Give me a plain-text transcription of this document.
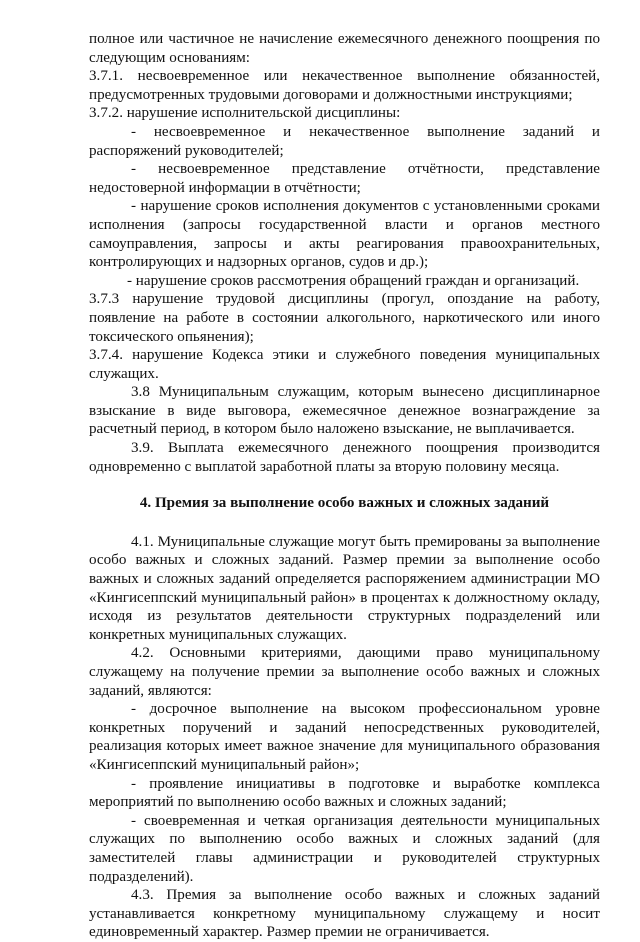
полное или частичное не начисление ежемесячного денежного поощрения по следующим основаниям:

3.7.1. несвоевременное или некачественное выполнение обязанностей, предусмотренных трудовыми договорами и должностными инструкциями;

3.7.2. нарушение исполнительской дисциплины:

- несвоевременное и некачественное выполнение заданий и распоряжений руководителей;

- несвоевременное представление отчётности, представление недостоверной информации в отчётности;

- нарушение сроков исполнения документов с установленными сроками исполнения (запросы государственной власти и органов местного самоуправления, запросы и акты реагирования правоохранительных, контролирующих и надзорных органов, судов и др.);

- нарушение сроков рассмотрения обращений граждан и организаций.

3.7.3 нарушение трудовой дисциплины (прогул, опоздание на работу, появление на работе в состоянии алкогольного, наркотического или иного токсического опьянения);

3.7.4. нарушение Кодекса этики и служебного поведения муниципальных служащих.

3.8 Муниципальным служащим, которым вынесено дисциплинарное взыскание в виде выговора, ежемесячное денежное вознаграждение за расчетный период, в котором было наложено взыскание, не выплачивается.

3.9. Выплата ежемесячного денежного поощрения производится одновременно с выплатой заработной платы за вторую половину месяца.

4. Премия за выполнение особо важных и сложных заданий

4.1. Муниципальные служащие могут быть премированы за выполнение особо важных и сложных заданий. Размер премии за выполнение особо важных и сложных заданий определяется распоряжением администрации МО «Кингисеппский муниципальный район» в процентах к должностному окладу, исходя из результатов деятельности структурных подразделений или конкретных муниципальных служащих.

4.2. Основными критериями, дающими право муниципальному служащему на получение премии за выполнение особо важных и сложных заданий, являются:

- досрочное выполнение на высоком профессиональном уровне конкретных поручений и заданий непосредственных руководителей, реализация которых имеет важное значение для муниципального образования «Кингисеппский муниципальный район»;

- проявление инициативы в подготовке и выработке комплекса мероприятий по выполнению особо важных и сложных заданий;

- своевременная и четкая организация деятельности муниципальных служащих по выполнению особо важных и сложных заданий (для заместителей главы администрации и руководителей структурных подразделений).

4.3. Премия за выполнение особо важных и сложных заданий устанавливается конкретному муниципальному служащему и носит единовременный характер. Размер премии не ограничивается.
